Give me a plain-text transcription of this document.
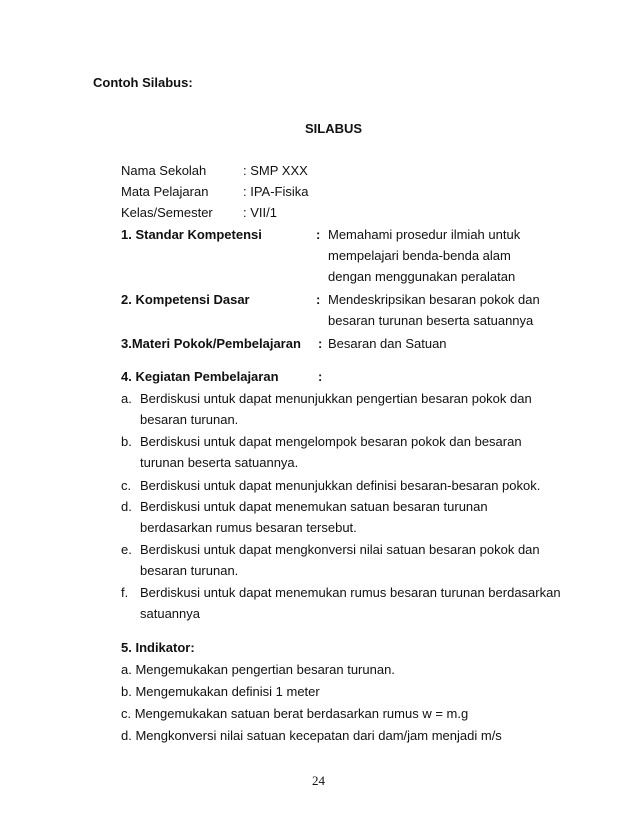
Contoh Silabus:
SILABUS
Nama Sekolah	: SMP XXX
Mata Pelajaran	: IPA-Fisika
Kelas/Semester : VII/1
1. Standar Kompetensi	: Memahami prosedur ilmiah untuk
mempelajari benda-benda alam
dengan menggunakan peralatan
2. Kompetensi Dasar	: Mendeskripsikan besaran pokok dan
besaran turunan beserta satuannya
3.Materi Pokok/Pembelajaran : Besaran dan Satuan
4. Kegiatan Pembelajaran	:
a. Berdiskusi untuk dapat menunjukkan pengertian besaran pokok dan
besaran turunan.
b. Berdiskusi untuk dapat mengelompok besaran pokok dan besaran
turunan beserta satuannya.
c. Berdiskusi untuk dapat menunjukkan definisi besaran-besaran pokok.
d. Berdiskusi untuk dapat menemukan satuan besaran turunan
berdasarkan rumus besaran tersebut.
e. Berdiskusi untuk dapat mengkonversi nilai satuan besaran pokok dan
besaran turunan.
f. Berdiskusi untuk dapat menemukan rumus besaran turunan berdasarkan
satuannya
5. Indikator:
a. Mengemukakan pengertian besaran turunan.
b. Mengemukakan definisi 1 meter
c. Mengemukakan satuan berat berdasarkan rumus w = m.g
d. Mengkonversi nilai satuan kecepatan dari dam/jam menjadi m/s
24
